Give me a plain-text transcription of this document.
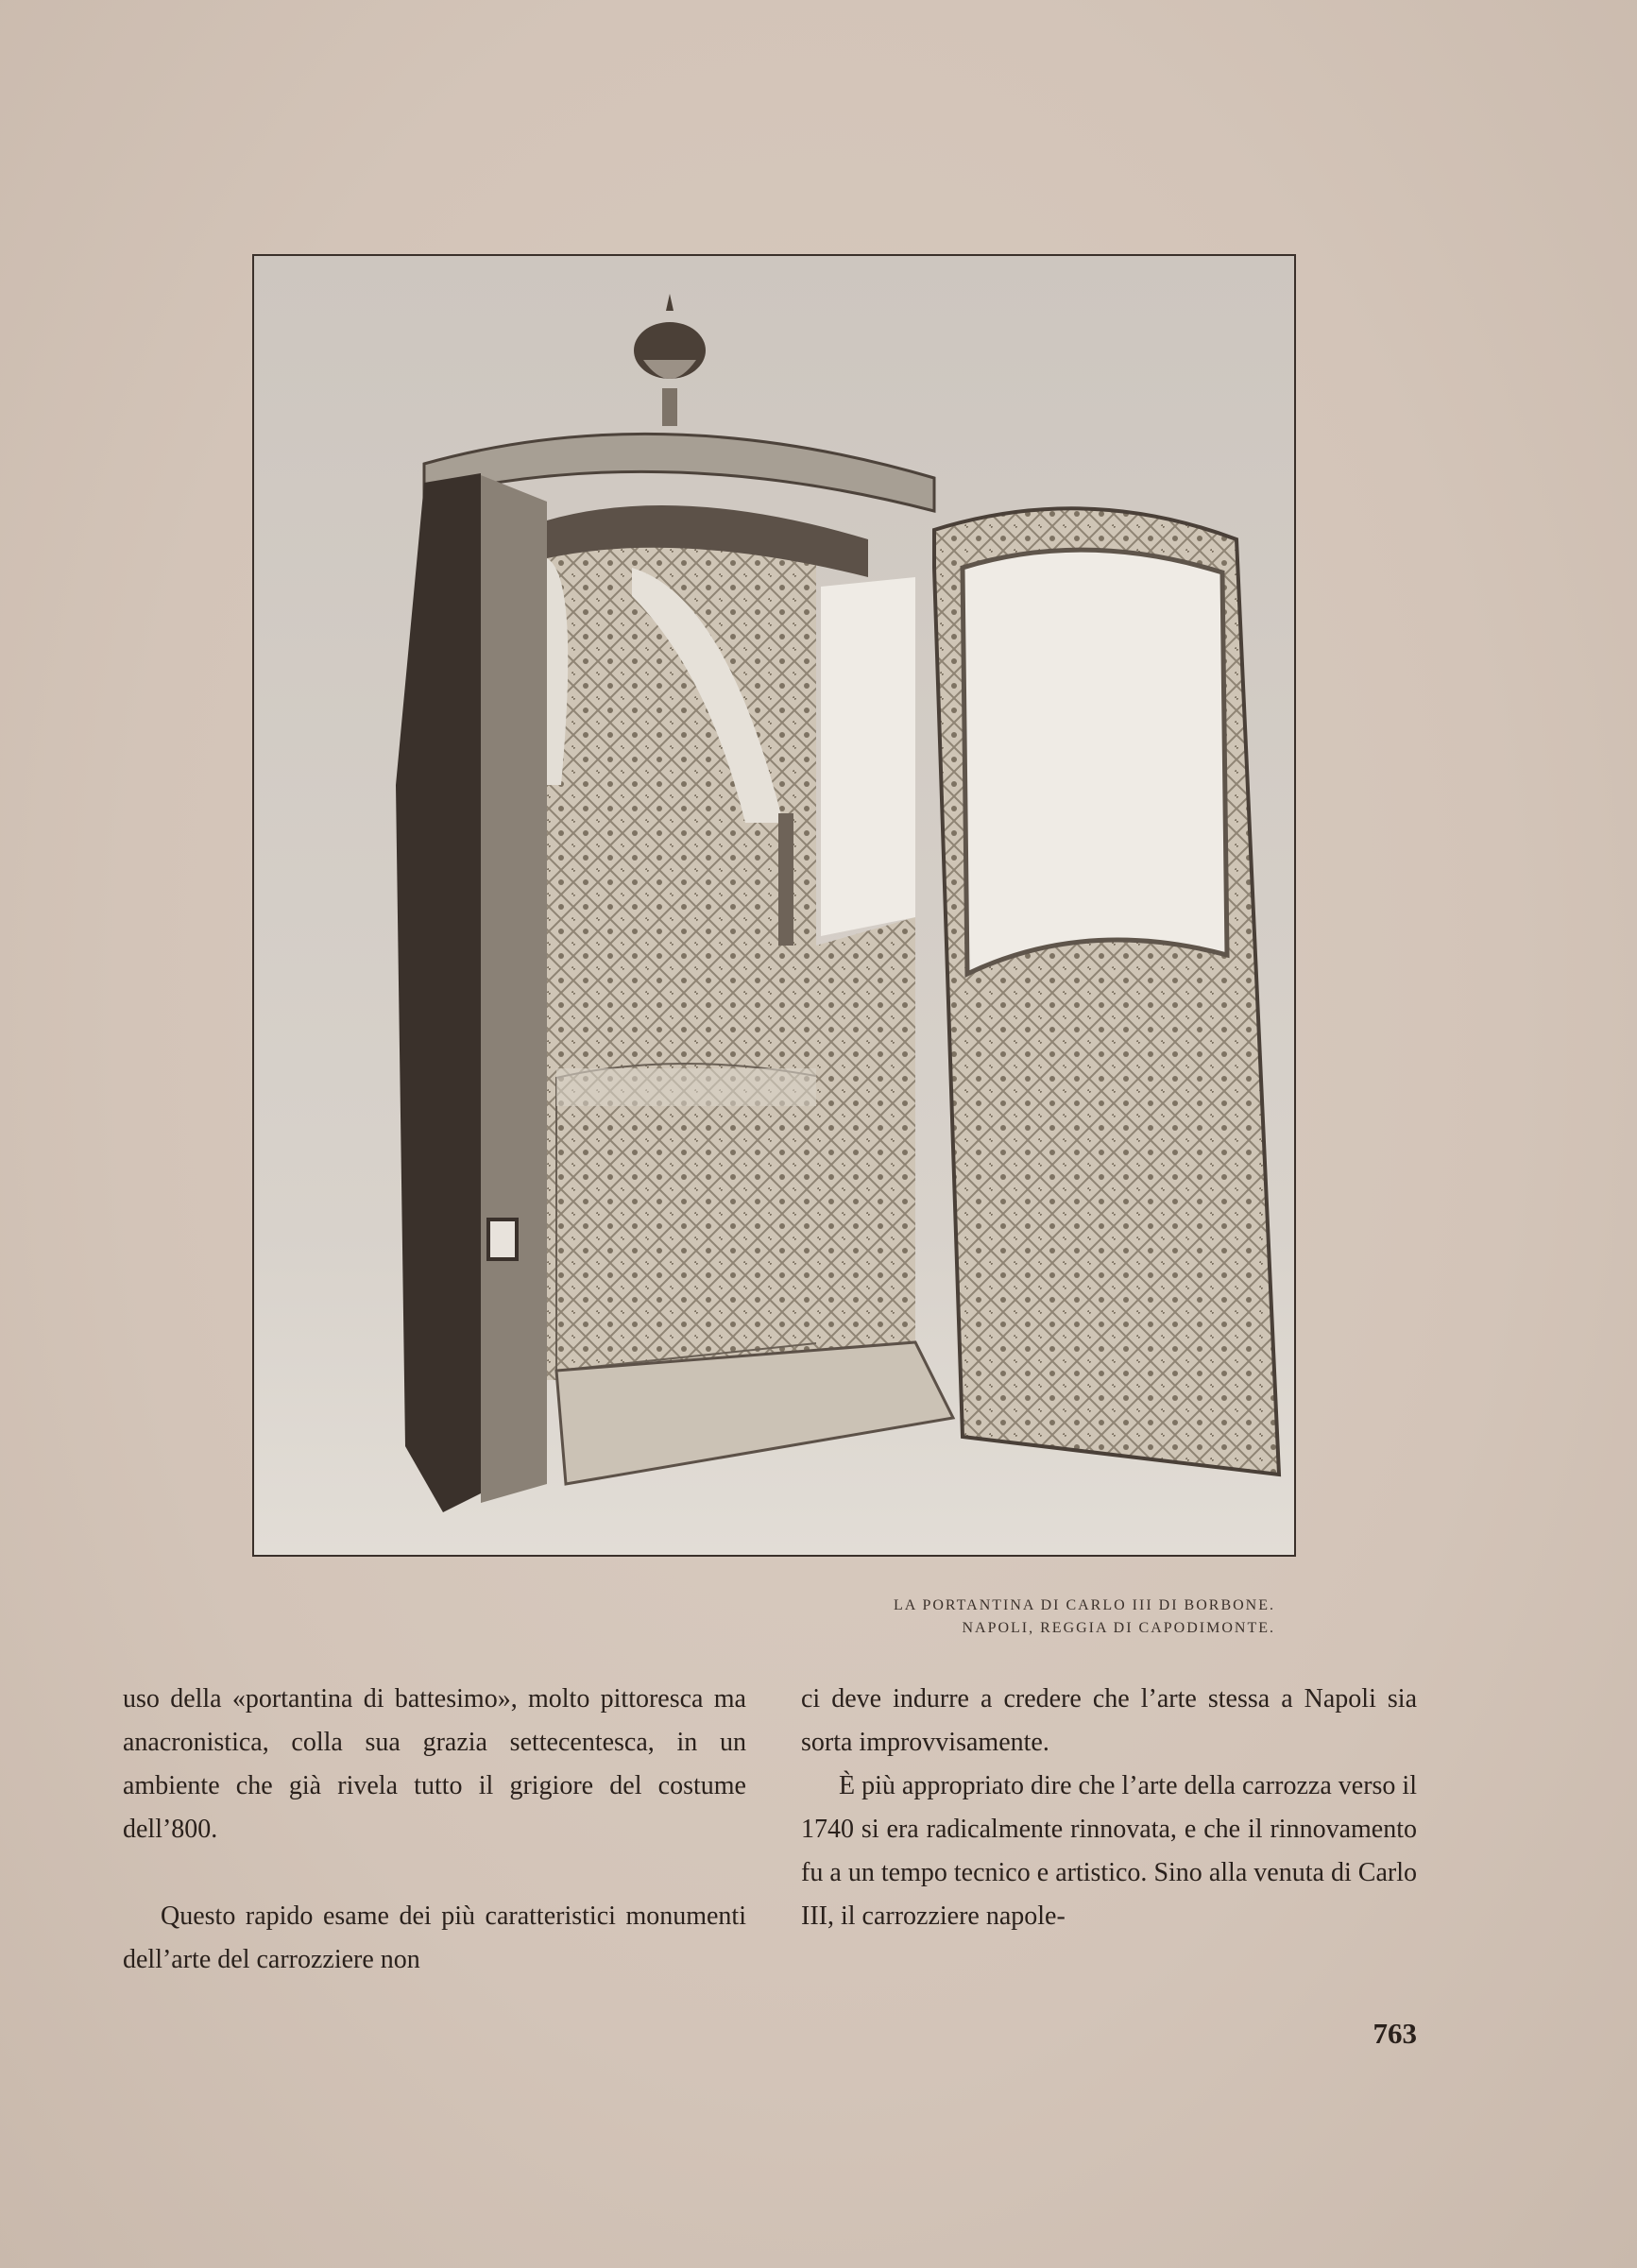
LA PORTANTINA DI CARLO III DI BORBONE.
NAPOLI, REGGIA DI CAPODIMONTE.

uso della «portantina di battesimo», molto pittoresca ma anacronistica, colla sua grazia settecentesca, in un ambiente che già rivela tutto il grigiore del costume dell’800.

Questo rapido esame dei più caratteristici monumenti dell’arte del carrozziere non

ci deve indurre a credere che l’arte stessa a Napoli sia sorta improvvisamente.

È più appropriato dire che l’arte della carrozza verso il 1740 si era radicalmente rinnovata, e che il rinnovamento fu a un tempo tecnico e artistico. Sino alla venuta di Carlo III, il carrozziere napole-

763
